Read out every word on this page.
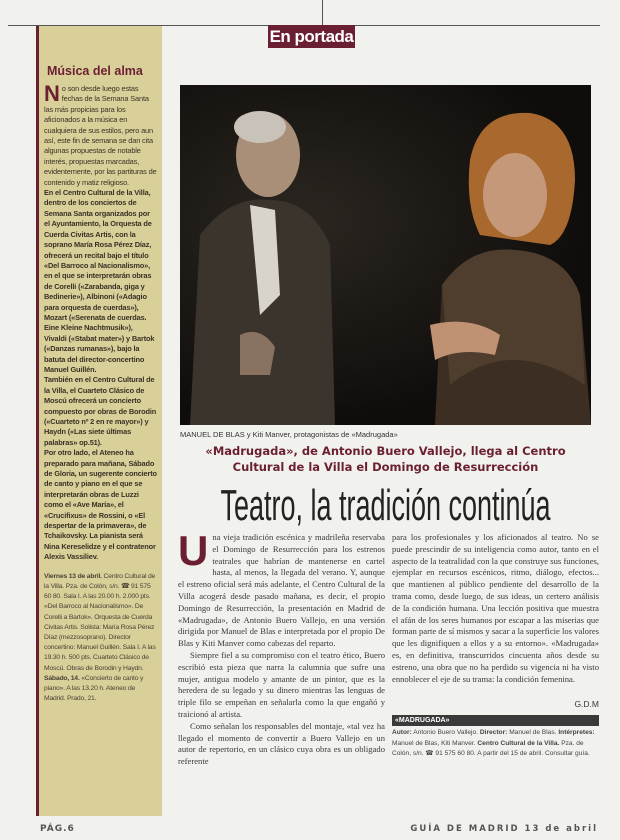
En portada
Música del alma

No son desde luego estas fechas de la Semana Santa las más propicias para los aficionados a la música en cualquiera de sus estilos, pero aun así, este fin de semana se dan cita algunas propuestas de notable interés, propuestas marcadas, evidentemente, por las partituras de contenido y matiz religioso.

En el Centro Cultural de la Villa, dentro de los conciertos de Semana Santa organizados por el Ayuntamiento, la Orquesta de Cuerda Civitas Artis, con la soprano María Rosa Pérez Díaz, ofrecerá un recital bajo el título «Del Barroco al Nacionalismo», en el que se interpretarán obras de Corelli («Zarabanda, giga y Bedinerie»), Albinoni («Adagio para orquesta de cuerdas»), Mozart («Serenata de cuerdas. Eine Kleine Nachtmusik»), Vivaldi («Stabat mater») y Bartok («Danzas rumanas»), bajo la batuta del director-concertino Manuel Guillén.

También en el Centro Cultural de la Villa, el Cuarteto Clásico de Moscú ofrecerá un concierto compuesto por obras de Borodin («Cuarteto nº 2 en re mayor») y Haydn («Las siete últimas palabras» op.51).

Por otro lado, el Ateneo ha preparado para mañana, Sábado de Gloria, un sugerente concierto de canto y piano en el que se interpretarán obras de Luzzi como el «Ave María», el «Crucifixus» de Rossini, o «El despertar de la primavera», de Tchaikovsky. La pianista será Nina Kereselidze y el contratenor Alexis Vassiliev.

Viernes 13 de abril. Centro Cultural de la Villa. Pza. de Colón, s/n. ☎ 91 575 60 80. Sala I. A las 20.00 h. 2.000 pts. «Del Barroco al Nacionalismo». De Corelli a Bartok». Orquesta de Cuerda Civitas Artis. Solista: María Rosa Pérez Díaz (mezzosoprano). Director concertino: Manuel Guillén. Sala I. A las 19.30 h. 500 pts. Cuarteto Clásico de Moscú. Obras de Borodin y Haydn.
Sábado, 14. «Concierto de canto y piano». A las 13.20 h. Ateneo de Madrid. Prado, 21.
MANUEL DE BLAS y Kiti Manver, protagonistas de «Madrugada»
«Madrugada», de Antonio Buero Vallejo, llega al Centro Cultural de la Villa el Domingo de Resurrección
Teatro, la tradición continúa

Una vieja tradición escénica y madrileña reservaba el Domingo de Resurrección para los estrenos teatrales que habrían de mantenerse en cartel hasta, al menos, la llegada del verano. Y, aunque el estreno oficial será más adelante, el Centro Cultural de la Villa acogerá desde pasado mañana, es decir, el propio Domingo de Resurrección, la presentación en Madrid de «Madrugada», de Antonio Buero Vallejo, en una versión dirigida por Manuel de Blas e interpretada por el propio De Blas y Kiti Manver como cabezas del reparto.

Siempre fiel a su compromiso con el teatro ético, Buero escribió esta pieza que narra la calumnia que sufre una mujer, antigua modelo y amante de un pintor, que es la heredera de su legado y su dinero mientras las lenguas de triple filo se empeñan en señalarla como la que engañó y traicionó al artista.

Como señalan los responsables del montaje, «tal vez ha llegado el momento de convertir a Buero Vallejo en un autor de repertorio, en un clásico cuya obra es un obligado referente

para los profesionales y los aficionados al teatro. No se puede prescindir de su inteligencia como autor, tanto en el aspecto de la teatralidad con la que construye sus funciones, ejemplar en recursos escénicos, ritmo, diálogo, efectos... que mantienen al público pendiente del desarrollo de la trama como, desde luego, de sus ideas, un certero análisis de la condición humana. Una lección positiva que muestra el afán de los seres humanos por escapar a las miserias que forman parte de sí mismos y sacar a la superficie los valores que les dignifiquen a ellos y a su entorno». «Madrugada» es, en definitiva, transcurridos cincuenta años desde su estreno, una obra que no ha perdido su vigencia ni ha visto ennoblecer el eje de su trama: la condición femenina.

G.D.M
«MADRUGADA»
Autor: Antonio Buero Vallejo. Director: Manuel de Blas. Intérpretes: Manuel de Blas, Kiti Manver. Centro Cultural de la Villa. Pza. de Colón, s/n. ☎ 91 575 60 80. A partir del 15 de abril. Consultar guía.
PÁG.6	GUÍA DE MADRID 13 de abril
